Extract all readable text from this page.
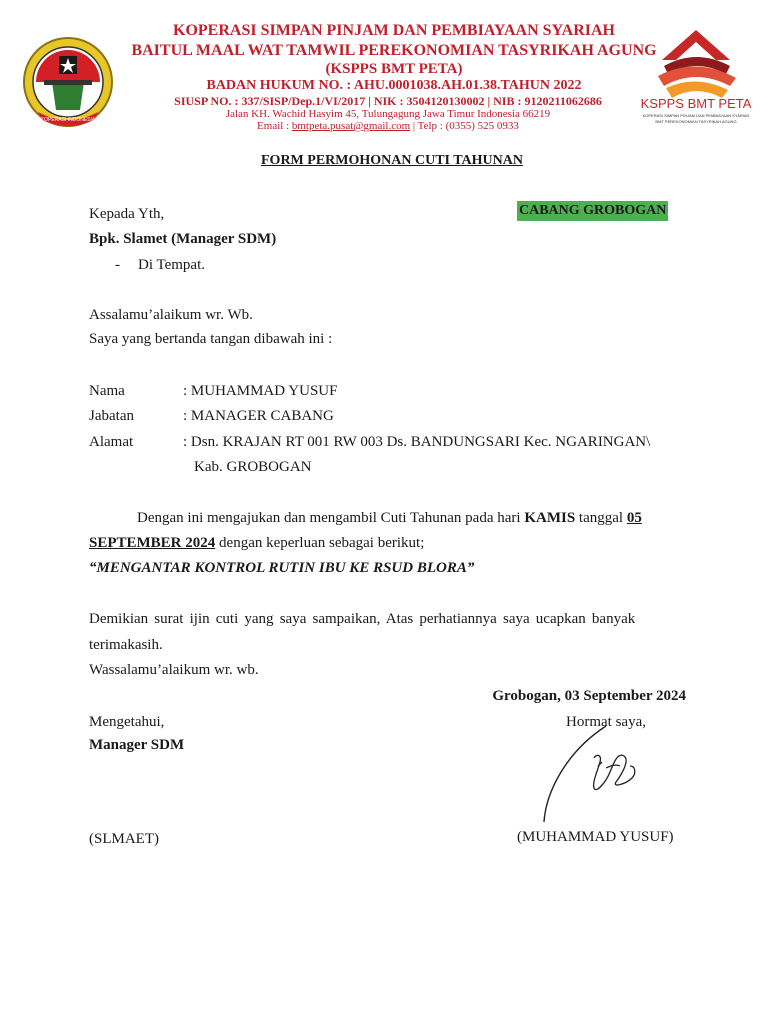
KOPERASI INDONESIA
KOPERASI SIMPAN PINJAM DAN PEMBIAYAAN SYARIAH
BAITUL MAAL WAT TAMWIL PEREKONOMIAN TASYRIKAH AGUNG
(KSPPS BMT PETA)
BADAN HUKUM NO. : AHU.0001038.AH.01.38.TAHUN 2022
SIUSP NO. : 337/SISP/Dep.1/VI/2017 | NIK : 3504120130002 | NIB : 9120211062686
Jalan KH. Wachid Hasyim 45, Tulungagung Jawa Timur Indonesia 66219
Email : bmtpeta.pusat@gmail.com | Telp : (0355) 525 0933
KSPPS BMT PETA
KOPERASI SIMPAN PINJAM DAN PEMBIAYAAN SYARIAH
BMT PEREKONOMIAN TASYRIKAH AGUNG
FORM PERMOHONAN CUTI TAHUNAN
Kepada Yth,	CABANG GROBOGAN
Bpk. Slamet (Manager SDM)
- Di Tempat.
Assalamu’alaikum wr. Wb.
Saya yang bertanda tangan dibawah ini :
Nama	: MUHAMMAD YUSUF
Jabatan	: MANAGER CABANG
Alamat	: Dsn. KRAJAN RT 001 RW 003 Ds. BANDUNGSARI Kec. NGARINGAN\
Kab. GROBOGAN
Dengan ini mengajukan dan mengambil Cuti Tahunan pada hari KAMIS tanggal 05
SEPTEMBER 2024 dengan keperluan sebagai berikut;
“MENGANTAR KONTROL RUTIN IBU KE RSUD BLORA”
Demikian surat ijin cuti yang saya sampaikan, Atas perhatiannya saya ucapkan banyak
terimakasih.
Wassalamu’alaikum wr. wb.
Grobogan, 03 September 2024
Mengetahui,
Manager SDM
Hormat saya,
(SLMAET)	(MUHAMMAD YUSUF)
